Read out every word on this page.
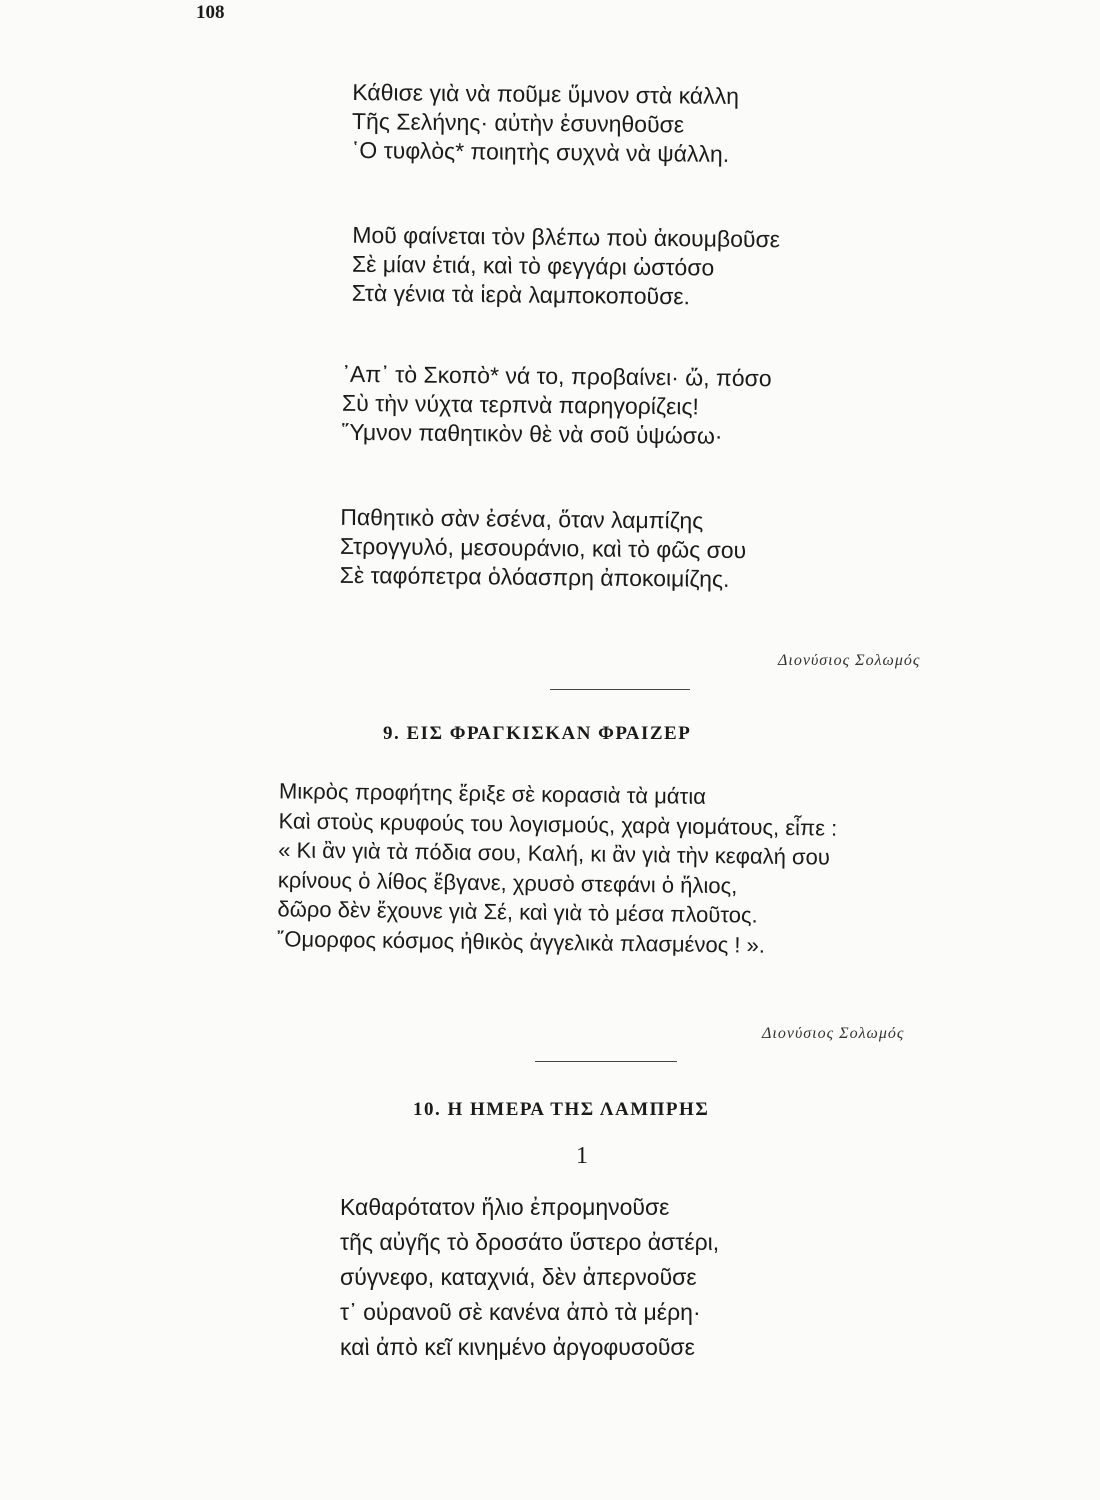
108
Κάθισε γιὰ νὰ ποῦμε ὕμνον στὰ κάλλη
Τῆς Σελήνης· αὐτὴν ἐσυνηθοῦσε
῾Ο τυφλὸς* ποιητὴς συχνὰ νὰ ψάλλη.
Μοῦ φαίνεται τὸν βλέπω ποὺ ἀκουμβοῦσε
Σὲ μίαν ἐτιά, καὶ τὸ φεγγάρι ὡστόσο
Στὰ γένια τὰ ἱερὰ λαμποκοποῦσε.
᾿Απ᾿ τὸ Σκοπὸ* νά το, προβαίνει· ὤ, πόσο
Σὺ τὴν νύχτα τερπνὰ παρηγορίζεις!
῞Υμνον παθητικὸν θὲ νὰ σοῦ ὑψώσω·
Παθητικὸ σὰν ἐσένα, ὅταν λαμπίζης
Στρογγυλό, μεσουράνιο, καὶ τὸ φῶς σου
Σὲ ταφόπετρα ὁλόασπρη ἀποκοιμίζης.
Διονύσιος Σολωμός
9. ΕΙΣ ΦΡΑΓΚΙΣΚΑΝ ΦΡΑΙΖΕΡ
Μικρὸς προφήτης ἔριξε σὲ κορασιὰ τὰ μάτια
Καὶ στοὺς κρυφούς του λογισμούς, χαρὰ γιομάτους, εἶπε :
« Κι ἂν γιὰ τὰ πόδια σου, Καλή, κι ἂν γιὰ τὴν κεφαλή σου
κρίνους ὁ λίθος ἔβγανε, χρυσὸ στεφάνι ὁ ἥλιος,
δῶρο δὲν ἔχουνε γιὰ Σέ, καὶ γιὰ τὸ μέσα πλοῦτος.
῎Ομορφος κόσμος ἠθικὸς ἀγγελικὰ πλασμένος ! ».
Διονύσιος Σολωμός
10. Η ΗΜΕΡΑ ΤΗΣ ΛΑΜΠΡΗΣ
1
Καθαρότατον ἥλιο ἐπρομηνοῦσε
τῆς αὐγῆς τὸ δροσάτο ὕστερο ἀστέρι,
σύγνεφο, καταχνιά, δὲν ἀπερνοῦσε
τ᾿ οὐρανοῦ σὲ κανένα ἀπὸ τὰ μέρη·
καὶ ἀπὸ κεῖ κινημένο ἀργοφυσοῦσε
